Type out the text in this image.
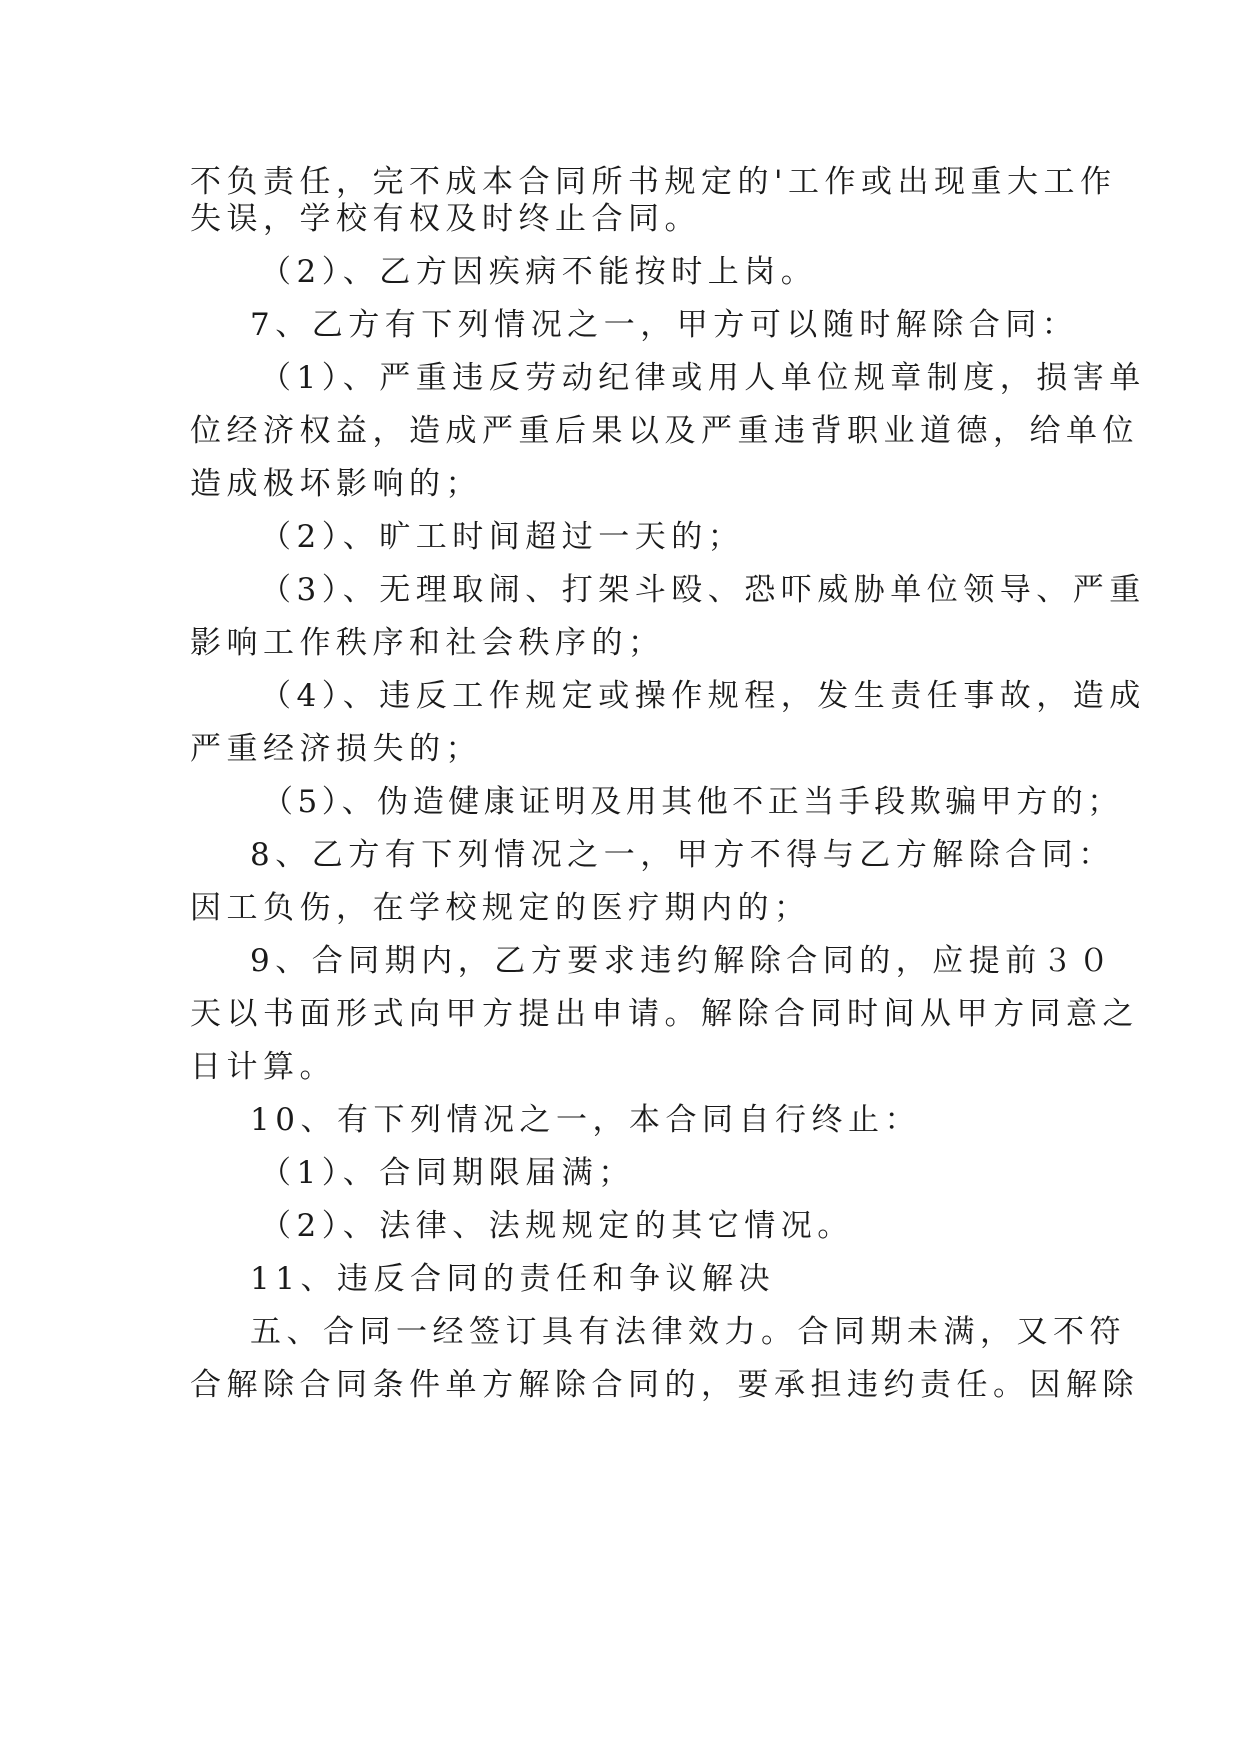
不负责任，完不成本合同所书规定的'工作或出现重大工作
失误，学校有权及时终止合同。
（2）、乙方因疾病不能按时上岗。
7、乙方有下列情况之一，甲方可以随时解除合同：
（1）、严重违反劳动纪律或用人单位规章制度，损害单
位经济权益，造成严重后果以及严重违背职业道德，给单位
造成极坏影响的；
（2）、旷工时间超过一天的；
（3）、无理取闹、打架斗殴、恐吓威胁单位领导、严重
影响工作秩序和社会秩序的；
（4）、违反工作规定或操作规程，发生责任事故，造成
严重经济损失的；
（5）、伪造健康证明及用其他不正当手段欺骗甲方的；
8、乙方有下列情况之一，甲方不得与乙方解除合同：
因工负伤，在学校规定的医疗期内的；
9、合同期内，乙方要求违约解除合同的，应提前３０
天以书面形式向甲方提出申请。解除合同时间从甲方同意之
日计算。
10、有下列情况之一，本合同自行终止：
（1）、合同期限届满；
（2）、法律、法规规定的其它情况。
11、违反合同的责任和争议解决
五、合同一经签订具有法律效力。合同期未满，又不符
合解除合同条件单方解除合同的，要承担违约责任。因解除
